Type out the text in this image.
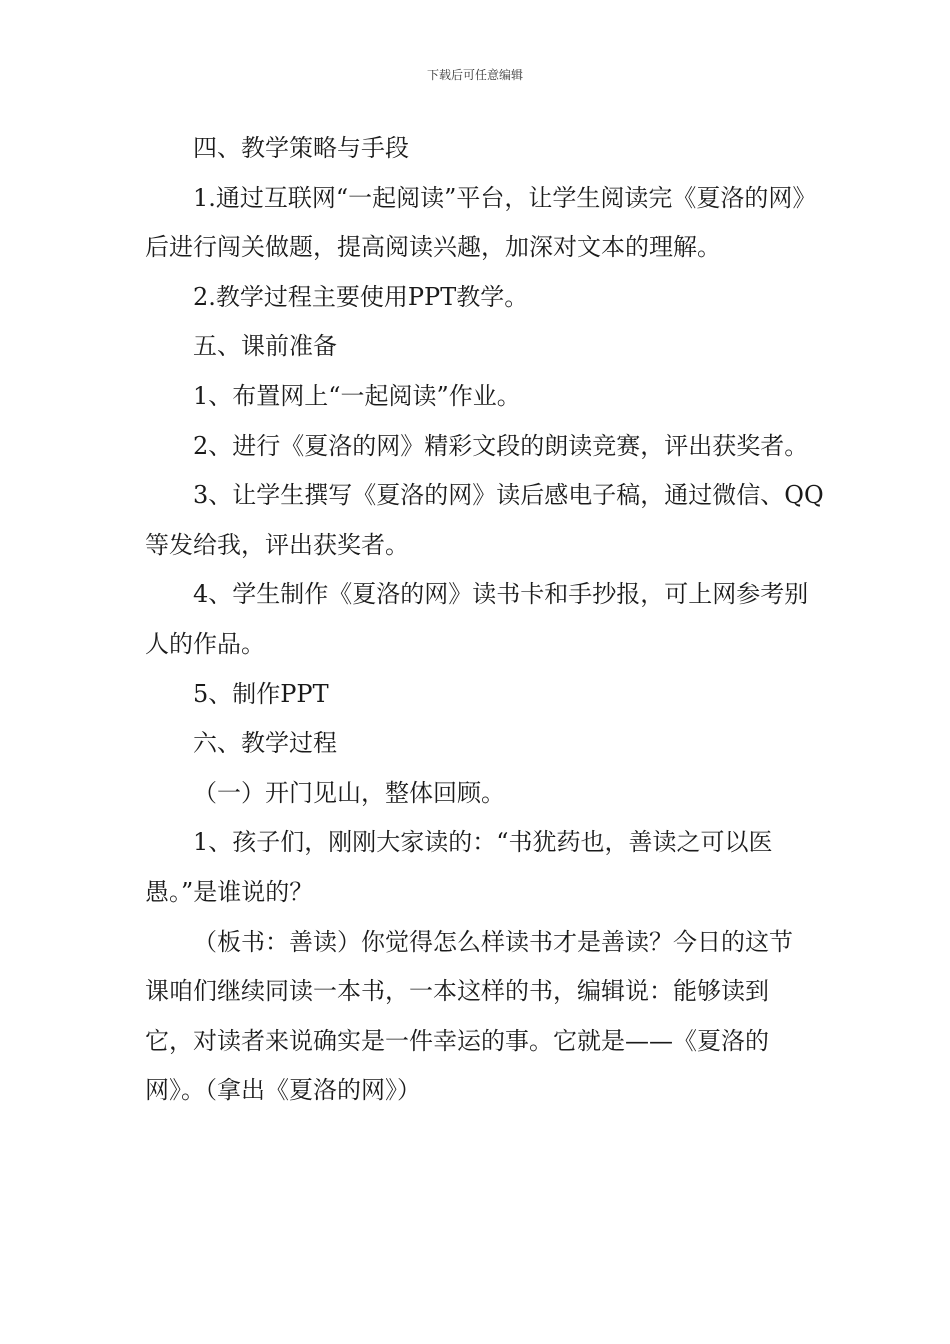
下载后可任意编辑

四、教学策略与手段

1.通过互联网“一起阅读”平台，让学生阅读完《夏洛的网》后进行闯关做题，提高阅读兴趣，加深对文本的理解。

2.教学过程主要使用PPT教学。

五、课前准备

1、布置网上“一起阅读”作业。

2、进行《夏洛的网》精彩文段的朗读竞赛，评出获奖者。

3、让学生撰写《夏洛的网》读后感电子稿，通过微信、QQ等发给我，评出获奖者。

4、学生制作《夏洛的网》读书卡和手抄报，可上网参考别人的作品。

5、制作PPT

六、教学过程

（一）开门见山，整体回顾。

1、孩子们，刚刚大家读的：“书犹药也，善读之可以医愚。”是谁说的？

（板书：善读）你觉得怎么样读书才是善读？今日的这节课咱们继续同读一本书，一本这样的书，编辑说：能够读到它，对读者来说确实是一件幸运的事。它就是——《夏洛的网》。（拿出《夏洛的网》）
